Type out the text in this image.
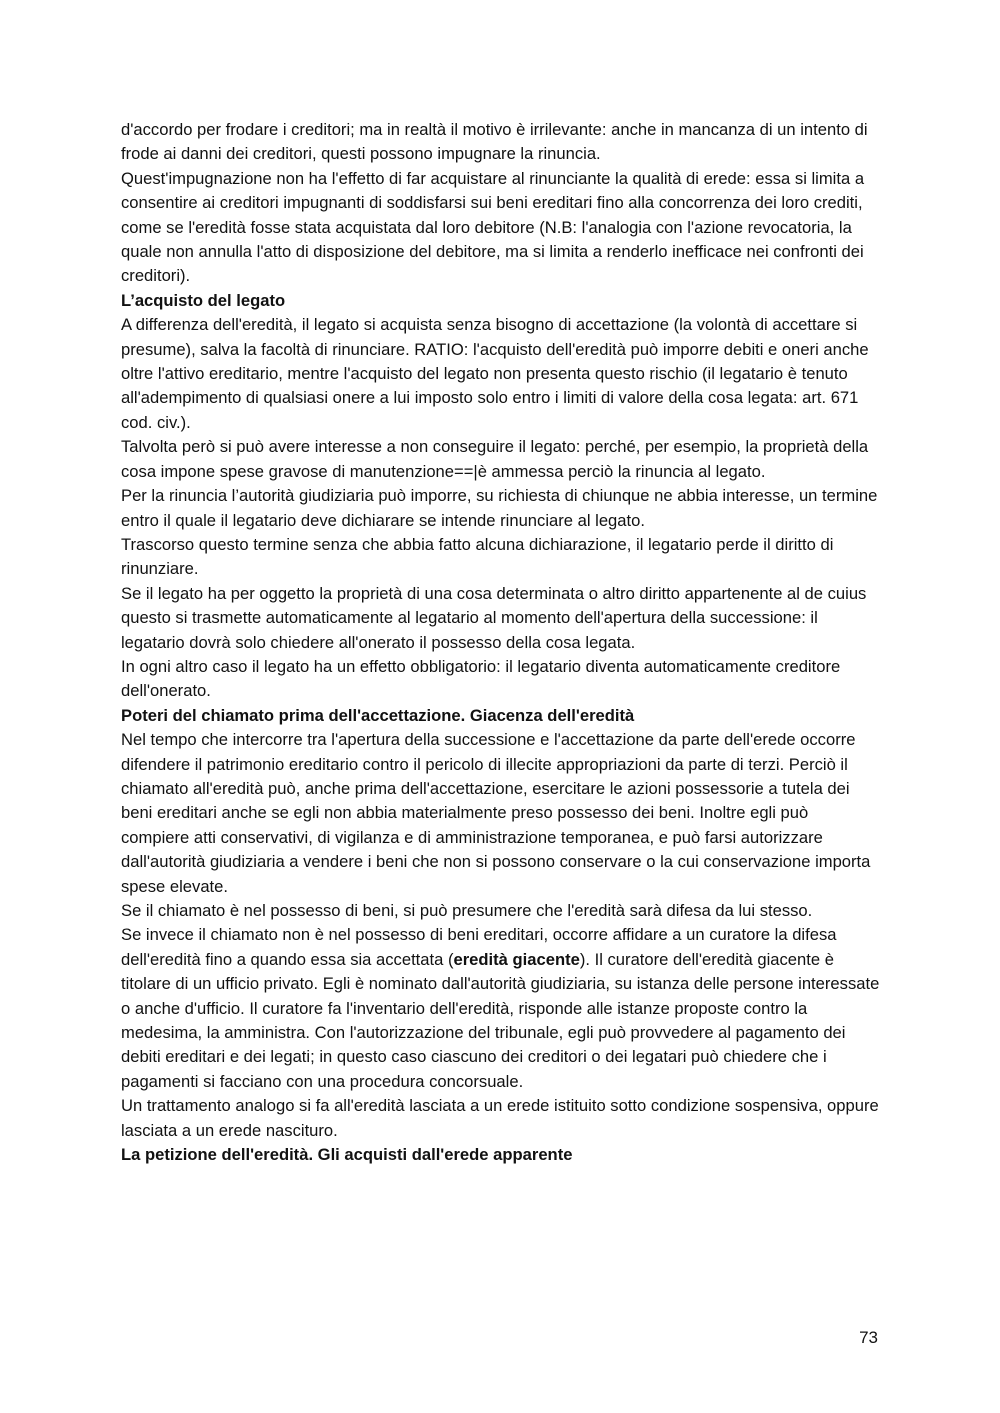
d'accordo per frodare i creditori; ma in realtà il motivo è irrilevante: anche in mancanza di un intento di frode ai danni dei creditori, questi possono impugnare la rinuncia.

Quest'impugnazione non ha l'effetto di far acquistare al rinunciante la qualità di erede: essa si limita a consentire ai creditori impugnanti di soddisfarsi sui beni ereditari fino alla concorrenza dei loro crediti, come se l'eredità fosse stata acquistata dal loro debitore (N.B: l'analogia con l'azione revocatoria, la quale non annulla l'atto di disposizione del debitore, ma si limita a renderlo inefficace nei confronti dei creditori).

L’acquisto del legato

A differenza dell'eredità, il legato si acquista senza bisogno di accettazione (la volontà di accettare si presume), salva la facoltà di rinunciare. RATIO: l'acquisto dell'eredità può imporre debiti e oneri anche oltre l'attivo ereditario, mentre l'acquisto del legato non presenta questo rischio (il legatario è tenuto all'adempimento di qualsiasi onere a lui imposto solo entro i limiti di valore della cosa legata: art. 671 cod. civ.).

Talvolta però si può avere interesse a non conseguire il legato: perché, per esempio, la proprietà della cosa impone spese gravose di manutenzione==|è ammessa perciò la rinuncia al legato.

Per la rinuncia l’autorità giudiziaria può imporre, su richiesta di chiunque ne abbia interesse, un termine entro il quale il legatario deve dichiarare se intende rinunciare al legato.

Trascorso questo termine senza che abbia fatto alcuna dichiarazione, il legatario perde il diritto di rinunziare.

Se il legato ha per oggetto la proprietà di una cosa determinata o altro diritto appartenente al de cuius questo si trasmette automaticamente al legatario al momento dell'apertura della successione: il legatario dovrà solo chiedere all'onerato il possesso della cosa legata.

In ogni altro caso il legato ha un effetto obbligatorio: il legatario diventa automaticamente creditore dell'onerato.

Poteri del chiamato prima dell'accettazione. Giacenza dell'eredità

Nel tempo che intercorre tra l'apertura della successione e l'accettazione da parte dell'erede occorre difendere il patrimonio ereditario contro il pericolo di illecite appropriazioni da parte di terzi. Perciò il chiamato all'eredità può, anche prima dell'accettazione, esercitare le azioni possessorie a tutela dei beni ereditari anche se egli non abbia materialmente preso possesso dei beni. Inoltre egli può compiere atti conservativi, di vigilanza e di amministrazione temporanea, e può farsi autorizzare dall'autorità giudiziaria a vendere i beni che non si possono conservare o la cui conservazione importa spese elevate.

Se il chiamato è nel possesso di beni, si può presumere che l'eredità sarà difesa da lui stesso.

Se invece il chiamato non è nel possesso di beni ereditari, occorre affidare a un curatore la difesa dell'eredità fino a quando essa sia accettata (eredità giacente). Il curatore dell'eredità giacente è titolare di un ufficio privato. Egli è nominato dall'autorità giudiziaria, su istanza delle persone interessate o anche d'ufficio. Il curatore fa l'inventario dell'eredità, risponde alle istanze proposte contro la medesima, la amministra. Con l'autorizzazione del tribunale, egli può provvedere al pagamento dei debiti ereditari e dei legati; in questo caso ciascuno dei creditori o dei legatari può chiedere che i pagamenti si facciano con una procedura concorsuale.

Un trattamento analogo si fa all'eredità lasciata a un erede istituito sotto condizione sospensiva, oppure lasciata a un erede nascituro.

La petizione dell'eredità. Gli acquisti dall'erede apparente

73
